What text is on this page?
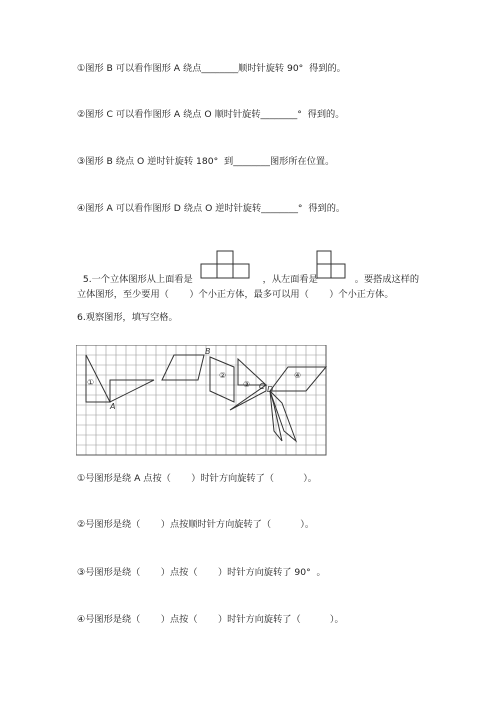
①图形 B 可以看作图形 A 绕点________顺时针旋转 90°  得到的。
②图形 C 可以看作图形 A 绕点 O 顺时针旋转________°  得到的。
③图形 B 绕点 O 逆时针旋转 180°  到________图形所在位置。
④图形 A 可以看作图形 D 绕点 O 逆时针旋转________°  得到的。

5.一个立体图形从上面看是	，从左面看是	。要搭成这样的

立体图形，至少要用（       ）个小正方体，最多可以用（       ）个小正方体。
6.观察图形，填写空格。
①
A
B
②
③ C D
④
①号图形是绕 A 点按（       ）时针方向旋转了（          ）。
②号图形是绕（       ）点按顺时针方向旋转了（          ）。
③号图形是绕（       ）点按（       ）时针方向旋转了 90°  。
④号图形是绕（       ）点按（       ）时针方向旋转了（          ）。
